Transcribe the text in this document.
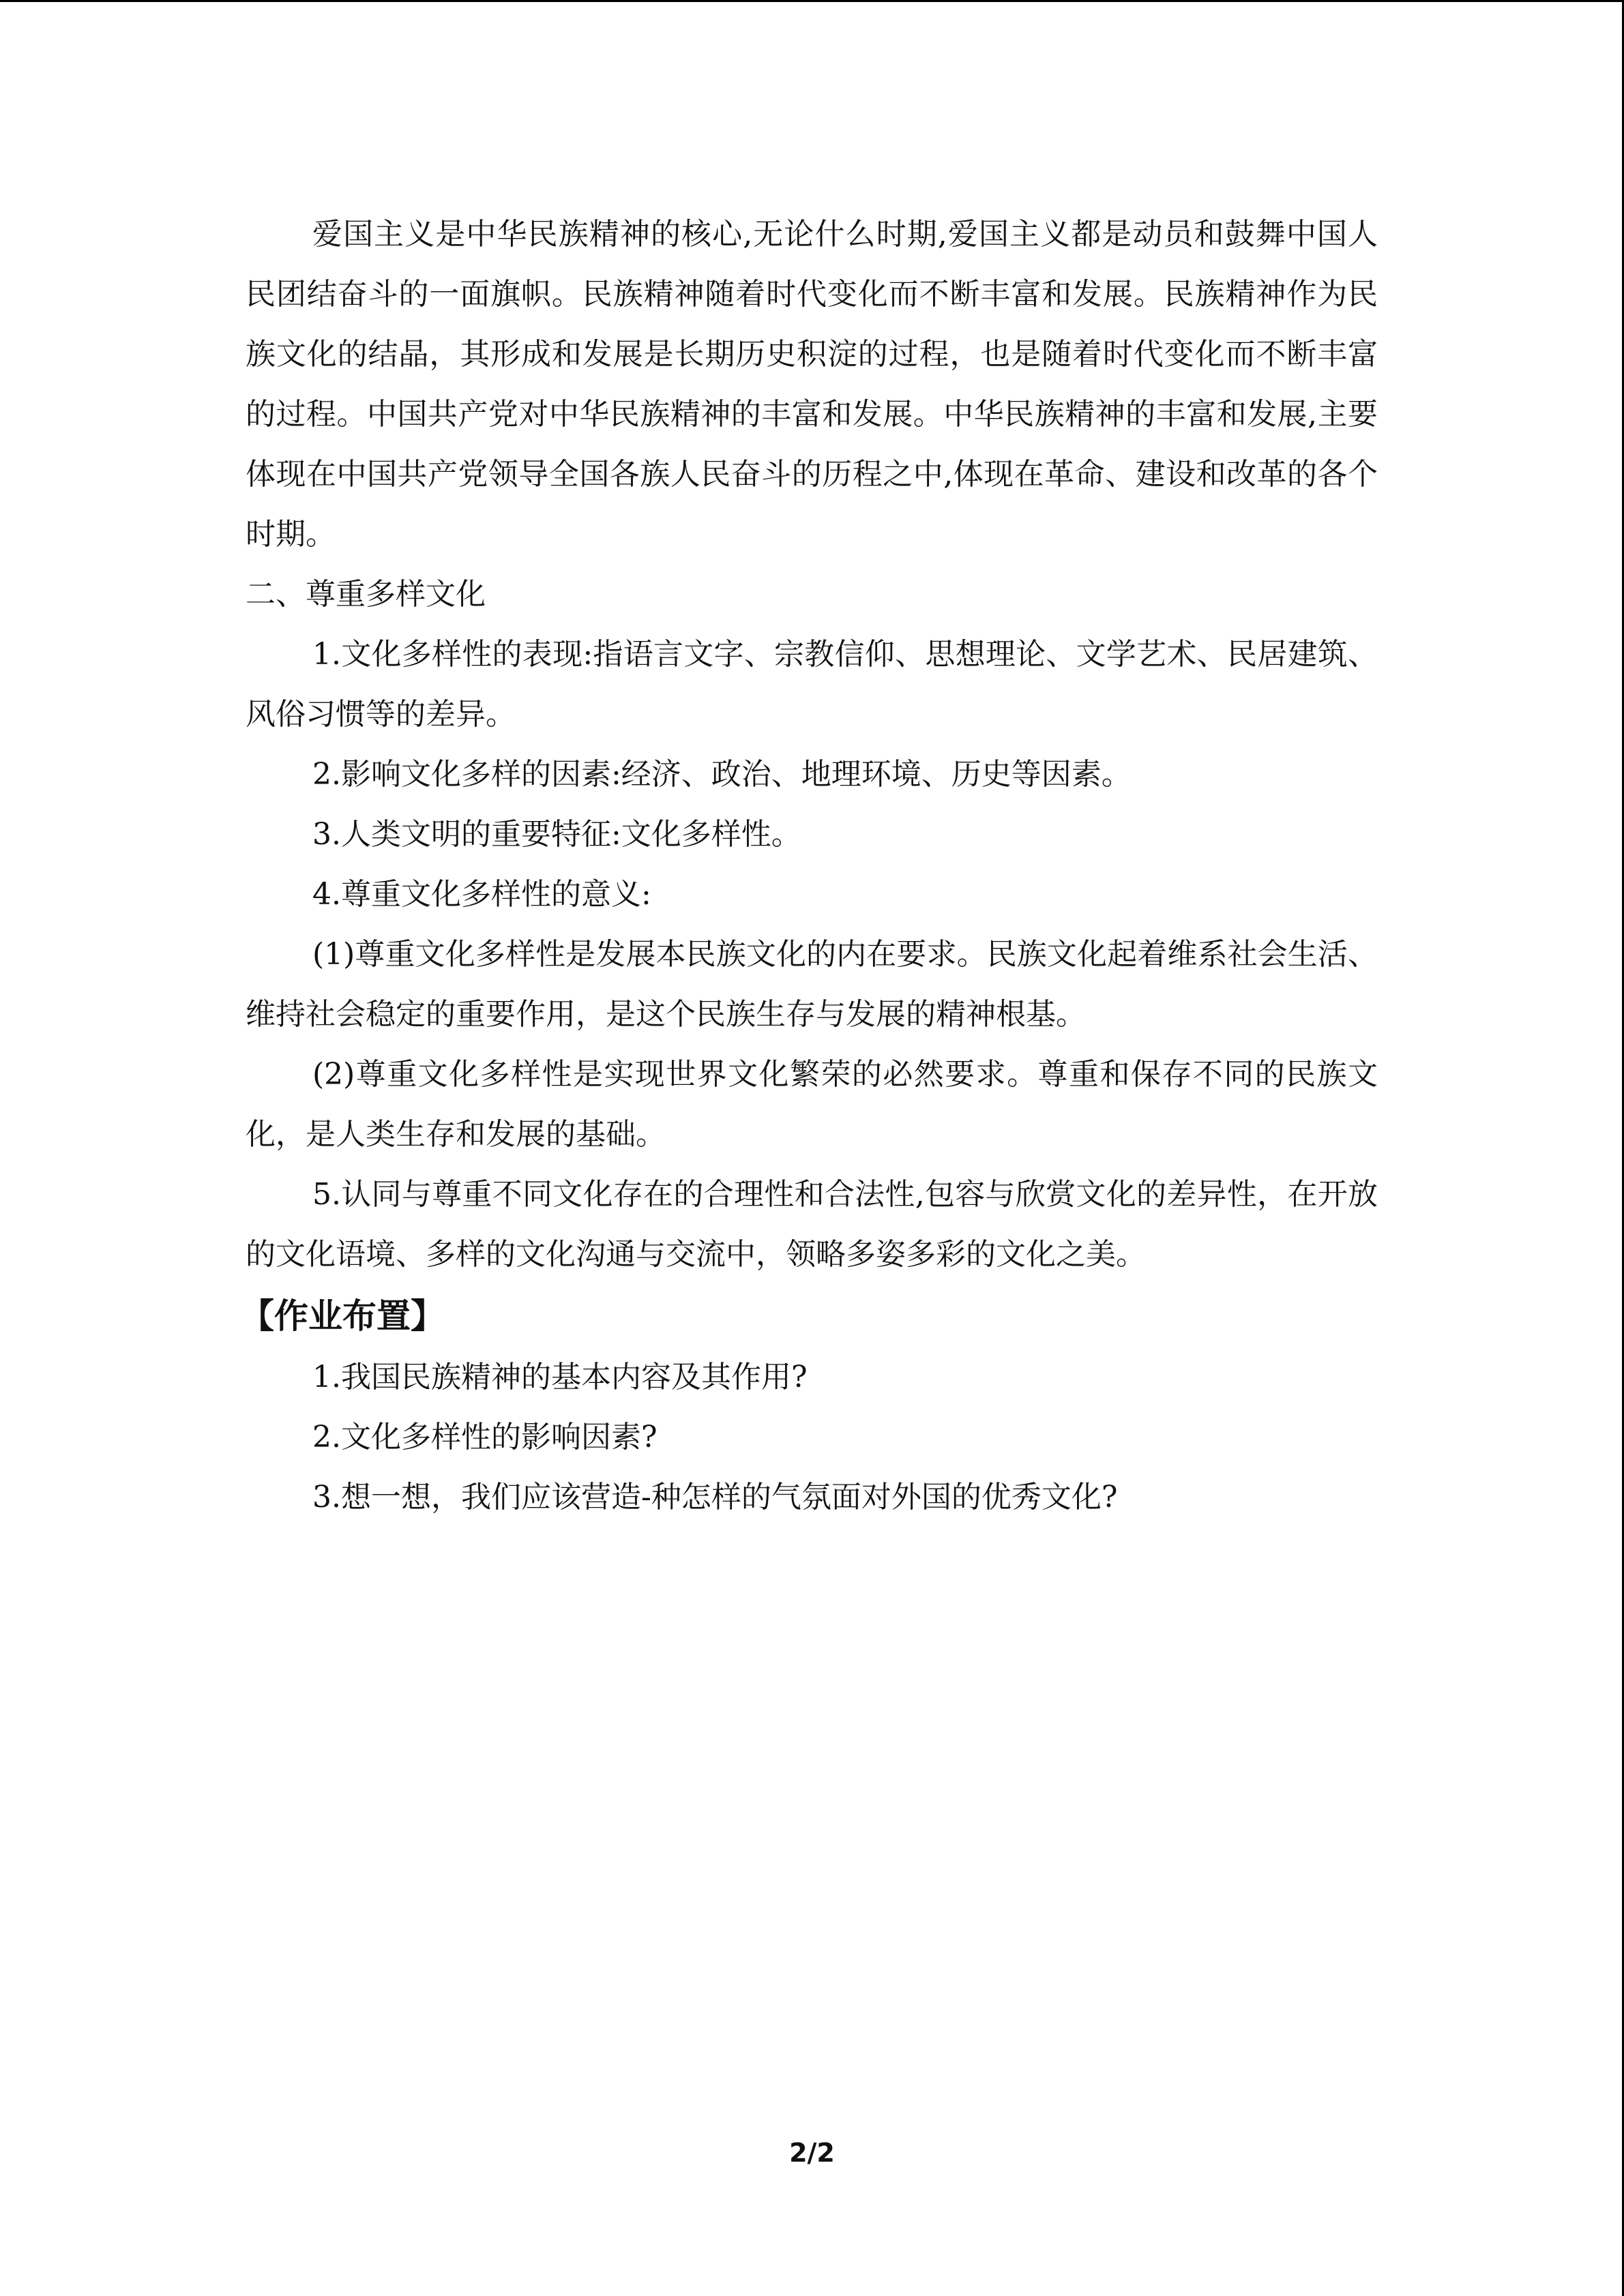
爱国主义是中华民族精神的核心,无论什么时期,爱国主义都是动员和鼓舞中国人民团结奋斗的一面旗帜。民族精神随着时代变化而不断丰富和发展。民族精神作为民族文化的结晶，其形成和发展是长期历史积淀的过程，也是随着时代变化而不断丰富的过程。中国共产党对中华民族精神的丰富和发展。中华民族精神的丰富和发展,主要体现在中国共产党领导全国各族人民奋斗的历程之中,体现在革命、建设和改革的各个时期。

二、尊重多样文化

1.文化多样性的表现:指语言文字、宗教信仰、思想理论、文学艺术、民居建筑、风俗习惯等的差异。

2.影响文化多样的因素:经济、政治、地理环境、历史等因素。

3.人类文明的重要特征:文化多样性。

4.尊重文化多样性的意义:

(1)尊重文化多样性是发展本民族文化的内在要求。民族文化起着维系社会生活、维持社会稳定的重要作用，是这个民族生存与发展的精神根基。

(2)尊重文化多样性是实现世界文化繁荣的必然要求。尊重和保存不同的民族文化，是人类生存和发展的基础。

5.认同与尊重不同文化存在的合理性和合法性,包容与欣赏文化的差异性，在开放的文化语境、多样的文化沟通与交流中，领略多姿多彩的文化之美。

【作业布置】

1.我国民族精神的基本内容及其作用?

2.文化多样性的影响因素?

3.想一想，我们应该营造-种怎样的气氛面对外国的优秀文化?

2/2
